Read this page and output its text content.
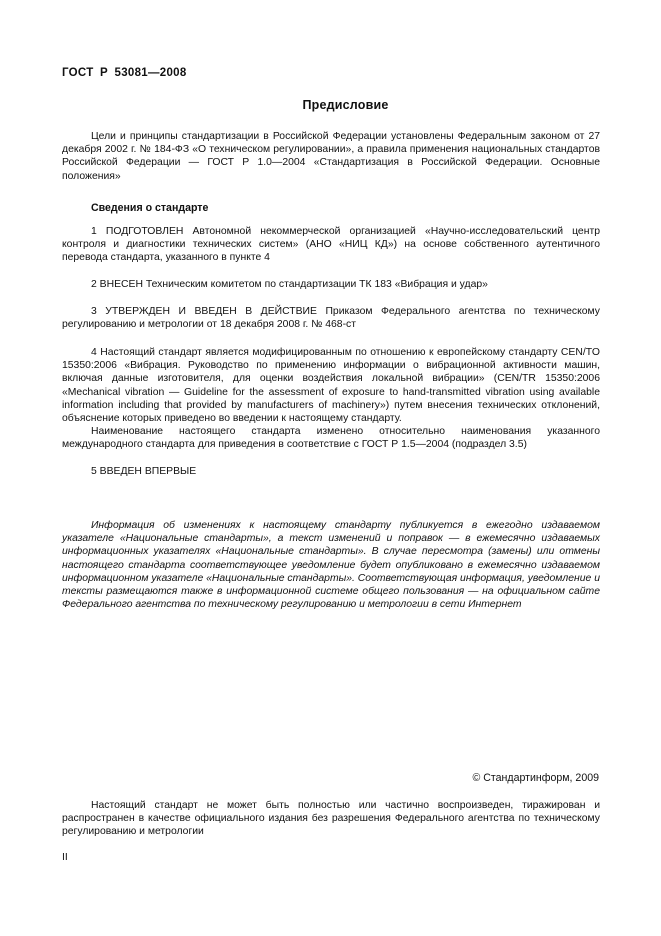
ГОСТ Р 53081—2008
Предисловие

Цели и принципы стандартизации в Российской Федерации установлены Федеральным законом от 27 декабря 2002 г. № 184-ФЗ «О техническом регулировании», а правила применения национальных стандартов Российской Федерации — ГОСТ Р 1.0—2004 «Стандартизация в Российской Федерации. Основные положения»

Сведения о стандарте

1 ПОДГОТОВЛЕН Автономной некоммерческой организацией «Научно-исследовательский центр контроля и диагностики технических систем» (АНО «НИЦ КД») на основе собственного аутентичного перевода стандарта, указанного в пункте 4

2 ВНЕСЕН Техническим комитетом по стандартизации ТК 183 «Вибрация и удар»

3 УТВЕРЖДЕН И ВВЕДЕН В ДЕЙСТВИЕ Приказом Федерального агентства по техническому регулированию и метрологии от 18 декабря 2008 г. № 468-ст

4 Настоящий стандарт является модифицированным по отношению к европейскому стандарту CEN/TO 15350:2006 «Вибрация. Руководство по применению информации о вибрационной активности машин, включая данные изготовителя, для оценки воздействия локальной вибрации» (CEN/TR 15350:2006 «Mechanical vibration — Guideline for the assessment of exposure to hand-transmitted vibration using available information including that provided by manufacturers of machinery») путем внесения технических отклонений, объяснение которых приведено во введении к настоящему стандарту.

Наименование настоящего стандарта изменено относительно наименования указанного международного стандарта для приведения в соответствие с ГОСТ Р 1.5—2004 (подраздел 3.5)

5 ВВЕДЕН ВПЕРВЫЕ

Информация об изменениях к настоящему стандарту публикуется в ежегодно издаваемом указателе «Национальные стандарты», а текст изменений и поправок — в ежемесячно издаваемых информационных указателях «Национальные стандарты». В случае пересмотра (замены) или отмены настоящего стандарта соответствующее уведомление будет опубликовано в ежемесячно издаваемом информационном указателе «Национальные стандарты». Соответствующая информация, уведомление и тексты размещаются также в информационной системе общего пользования — на официальном сайте Федерального агентства по техническому регулированию и метрологии в сети Интернет

© Стандартинформ, 2009

Настоящий стандарт не может быть полностью или частично воспроизведен, тиражирован и распространен в качестве официального издания без разрешения Федерального агентства по техническому регулированию и метрологии

II
